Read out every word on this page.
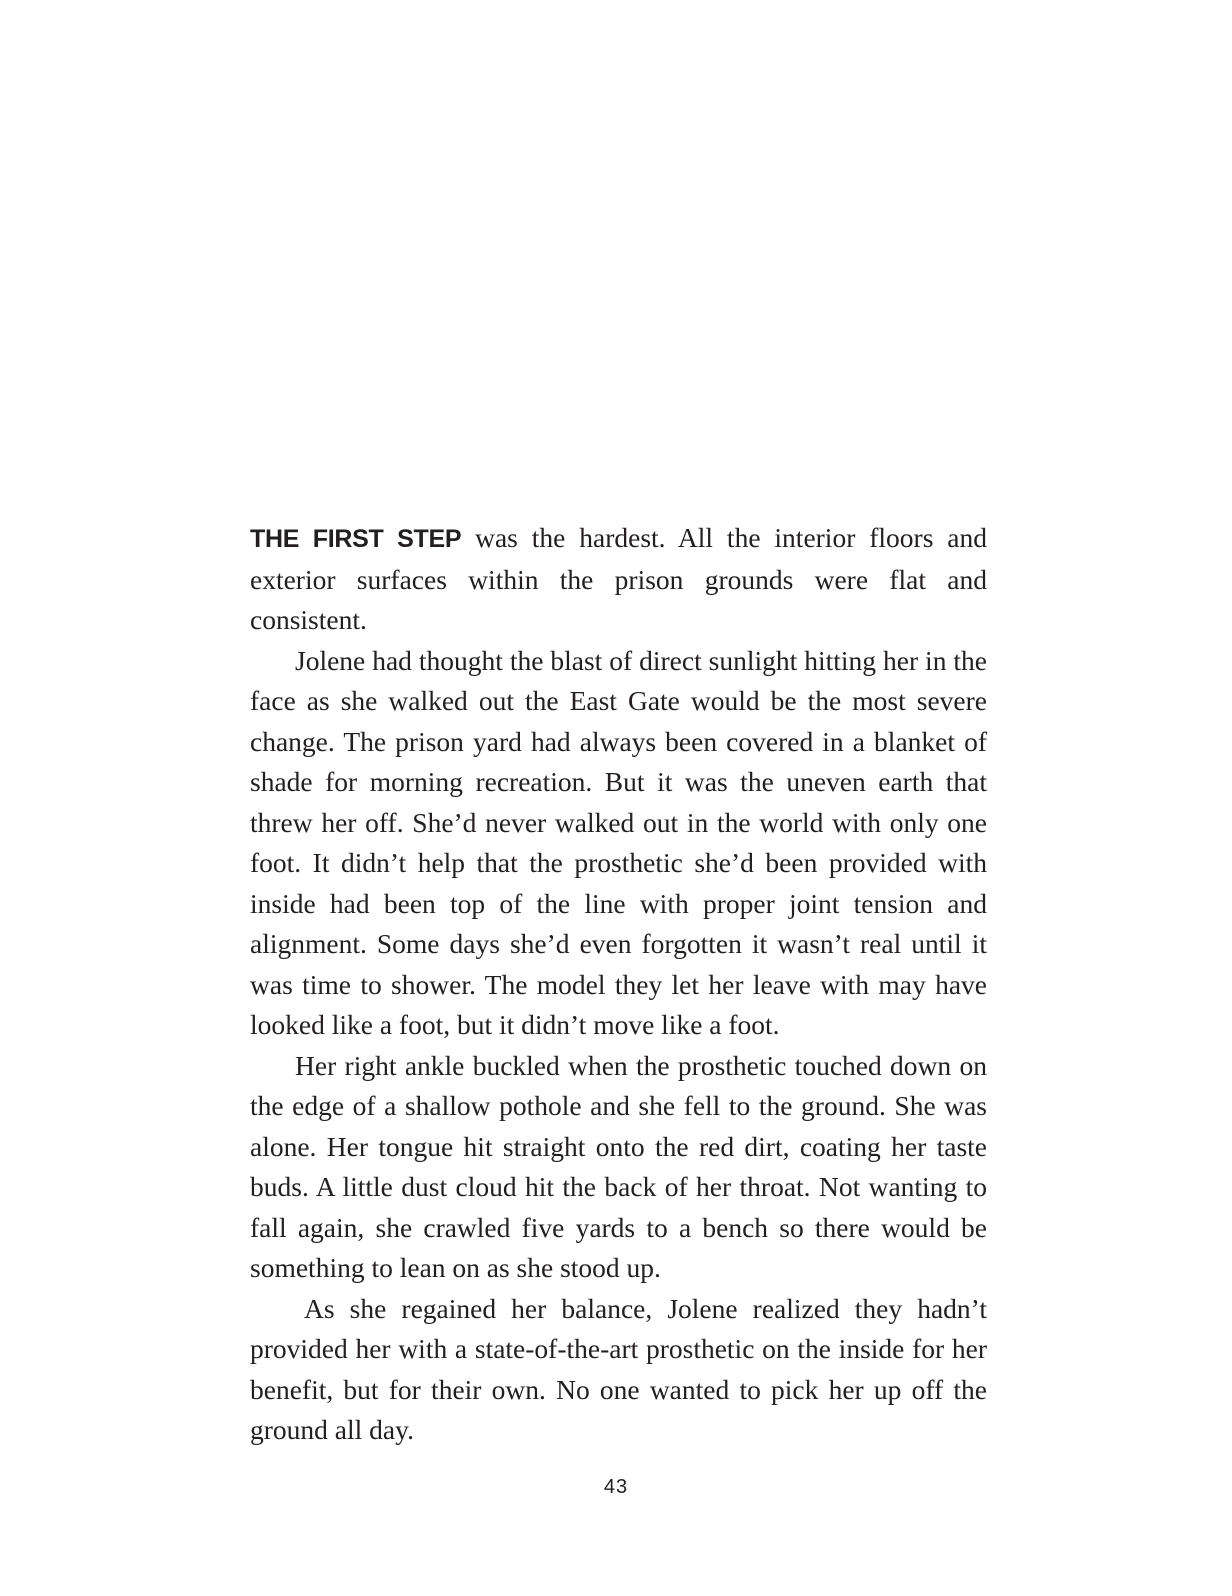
THE FIRST STEP was the hardest. All the interior floors and exterior surfaces within the prison grounds were flat and consistent.

Jolene had thought the blast of direct sunlight hitting her in the face as she walked out the East Gate would be the most severe change. The prison yard had always been covered in a blanket of shade for morning recreation. But it was the uneven earth that threw her off. She’d never walked out in the world with only one foot. It didn’t help that the prosthetic she’d been provided with inside had been top of the line with proper joint tension and alignment. Some days she’d even forgotten it wasn’t real until it was time to shower. The model they let her leave with may have looked like a foot, but it didn’t move like a foot.

Her right ankle buckled when the prosthetic touched down on the edge of a shallow pothole and she fell to the ground. She was alone. Her tongue hit straight onto the red dirt, coating her taste buds. A little dust cloud hit the back of her throat. Not wanting to fall again, she crawled five yards to a bench so there would be something to lean on as she stood up.

As she regained her balance, Jolene realized they hadn’t provided her with a state-of-the-art prosthetic on the inside for her benefit, but for their own. No one wanted to pick her up off the ground all day.

43
